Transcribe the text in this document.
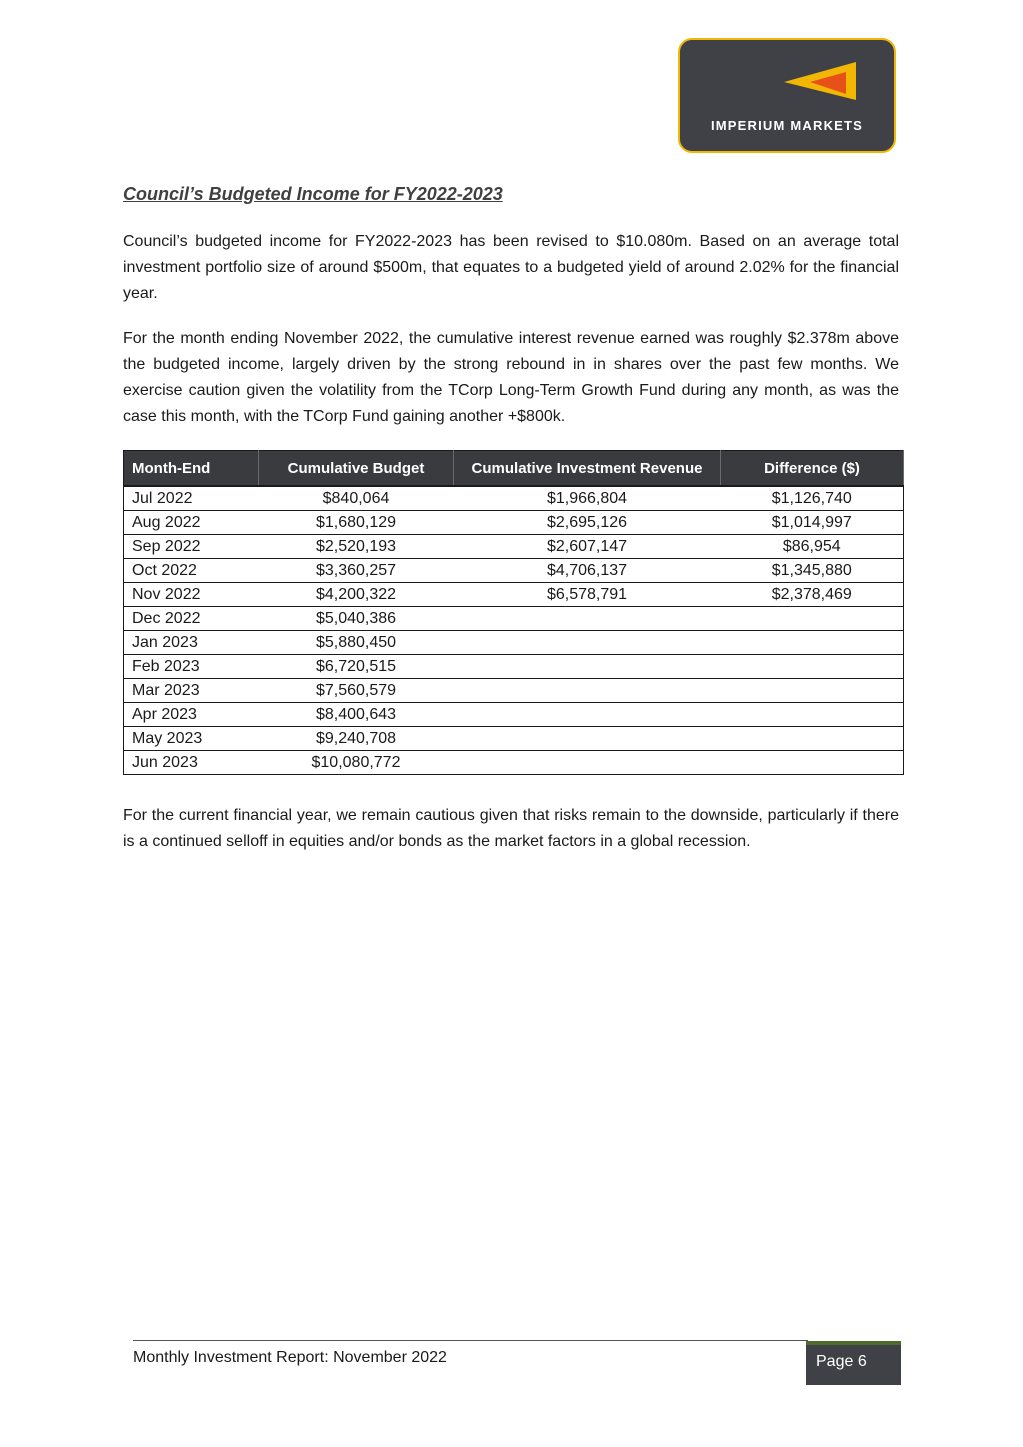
IMPERIUM MARKETS
Council’s Budgeted Income for FY2022-2023

Council’s budgeted income for FY2022-2023 has been revised to $10.080m. Based on an average total investment portfolio size of around $500m, that equates to a budgeted yield of around 2.02% for the financial year.

For the month ending November 2022, the cumulative interest revenue earned was roughly $2.378m above the budgeted income, largely driven by the strong rebound in in shares over the past few months. We exercise caution given the volatility from the TCorp Long-Term Growth Fund during any month, as was the case this month, with the TCorp Fund gaining another +$800k.

Month-End	Cumulative Budget	Cumulative Investment Revenue	Difference ($)
Jul 2022	$840,064	$1,966,804	$1,126,740
Aug 2022	$1,680,129	$2,695,126	$1,014,997
Sep 2022	$2,520,193	$2,607,147	$86,954
Oct 2022	$3,360,257	$4,706,137	$1,345,880
Nov 2022	$4,200,322	$6,578,791	$2,378,469
Dec 2022	$5,040,386		
Jan 2023	$5,880,450		
Feb 2023	$6,720,515		
Mar 2023	$7,560,579		
Apr 2023	$8,400,643		
May 2023	$9,240,708		
Jun 2023	$10,080,772		

For the current financial year, we remain cautious given that risks remain to the downside, particularly if there is a continued selloff in equities and/or bonds as the market factors in a global recession.

Monthly Investment Report: November 2022	Page 6
